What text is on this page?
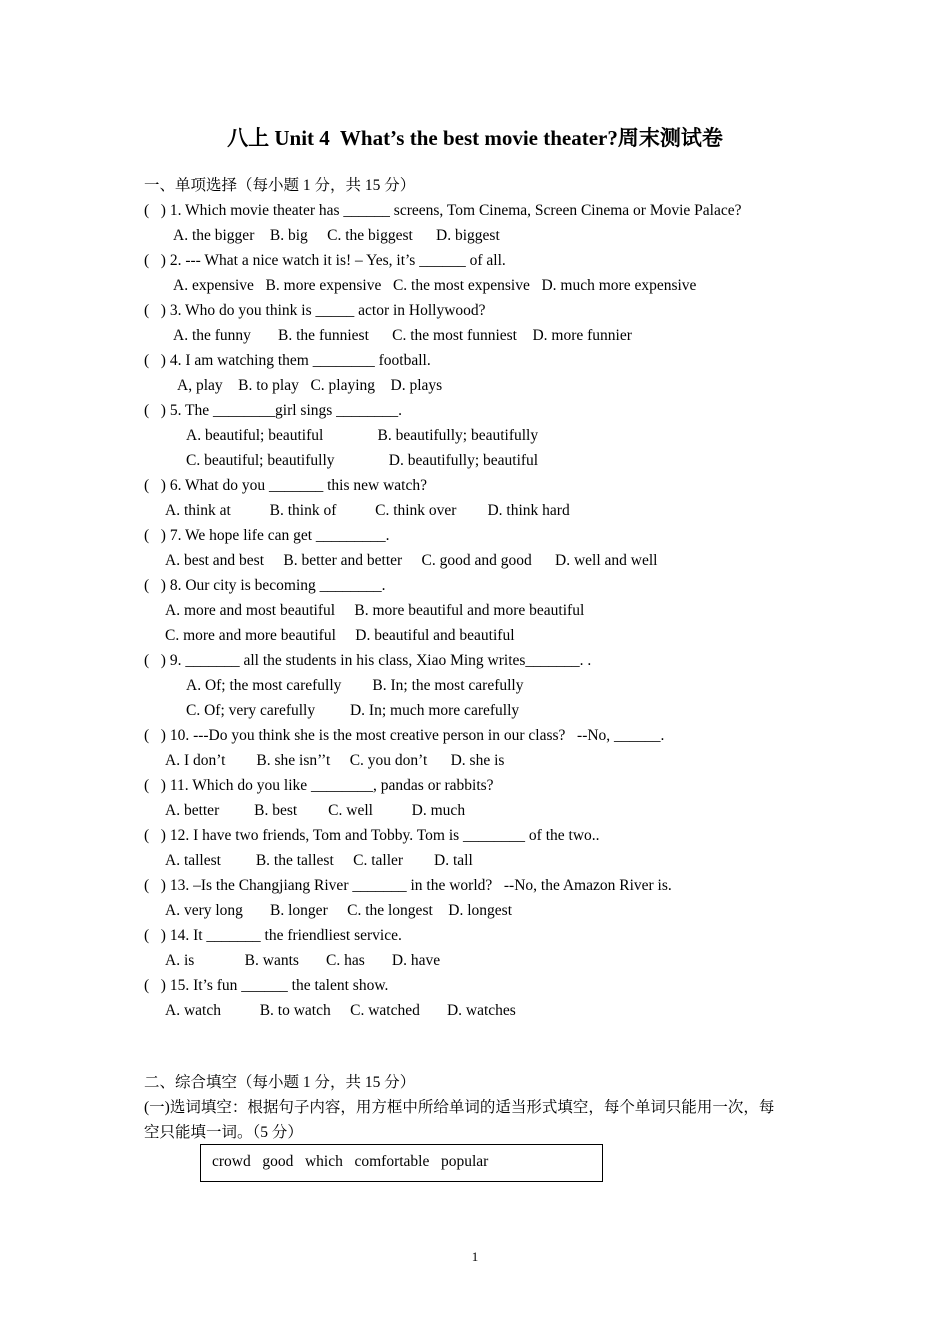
八上 Unit 4  What’s the best movie theater?周末测试卷
一、单项选择（每小题 1 分，共 15 分）
(   ) 1. Which movie theater has ______ screens, Tom Cinema, Screen Cinema or Movie Palace?
A. the bigger    B. big     C. the biggest      D. biggest
(   ) 2. --- What a nice watch it is! – Yes, it’s ______ of all.
A. expensive   B. more expensive   C. the most expensive   D. much more expensive
(   ) 3. Who do you think is _____ actor in Hollywood?
A. the funny       B. the funniest      C. the most funniest    D. more funnier
(   ) 4. I am watching them ________ football.
A, play    B. to play   C. playing    D. plays
(   ) 5. The ________girl sings ________.
A. beautiful; beautiful              B. beautifully; beautifully
C. beautiful; beautifully              D. beautifully; beautiful
(   ) 6. What do you _______ this new watch?
A. think at          B. think of          C. think over        D. think hard
(   ) 7. We hope life can get _________.
A. best and best     B. better and better     C. good and good      D. well and well
(   ) 8. Our city is becoming ________.
A. more and most beautiful     B. more beautiful and more beautiful
C. more and more beautiful     D. beautiful and beautiful
(   ) 9. _______ all the students in his class, Xiao Ming writes_______. .
A. Of; the most carefully        B. In; the most carefully
C. Of; very carefully         D. In; much more carefully
(   ) 10. ---Do you think she is the most creative person in our class?   --No, ______.
A. I don’t        B. she isn’’t     C. you don’t      D. she is
(   ) 11. Which do you like ________, pandas or rabbits?
A. better         B. best        C. well          D. much
(   ) 12. I have two friends, Tom and Tobby. Tom is ________ of the two..
A. tallest         B. the tallest     C. taller        D. tall
(   ) 13. –Is the Changjiang River _______ in the world?   --No, the Amazon River is.
A. very long       B. longer     C. the longest    D. longest
(   ) 14. It _______ the friendliest service.
A. is             B. wants       C. has       D. have
(   ) 15. It’s fun ______ the talent show.
A. watch          B. to watch     C. watched       D. watches
二、综合填空（每小题 1 分，共 15 分）
(一)选词填空：根据句子内容，用方框中所给单词的适当形式填空，每个单词只能用一次，每
空只能填一词。（5 分）
crowd   good   which   comfortable   popular
1
